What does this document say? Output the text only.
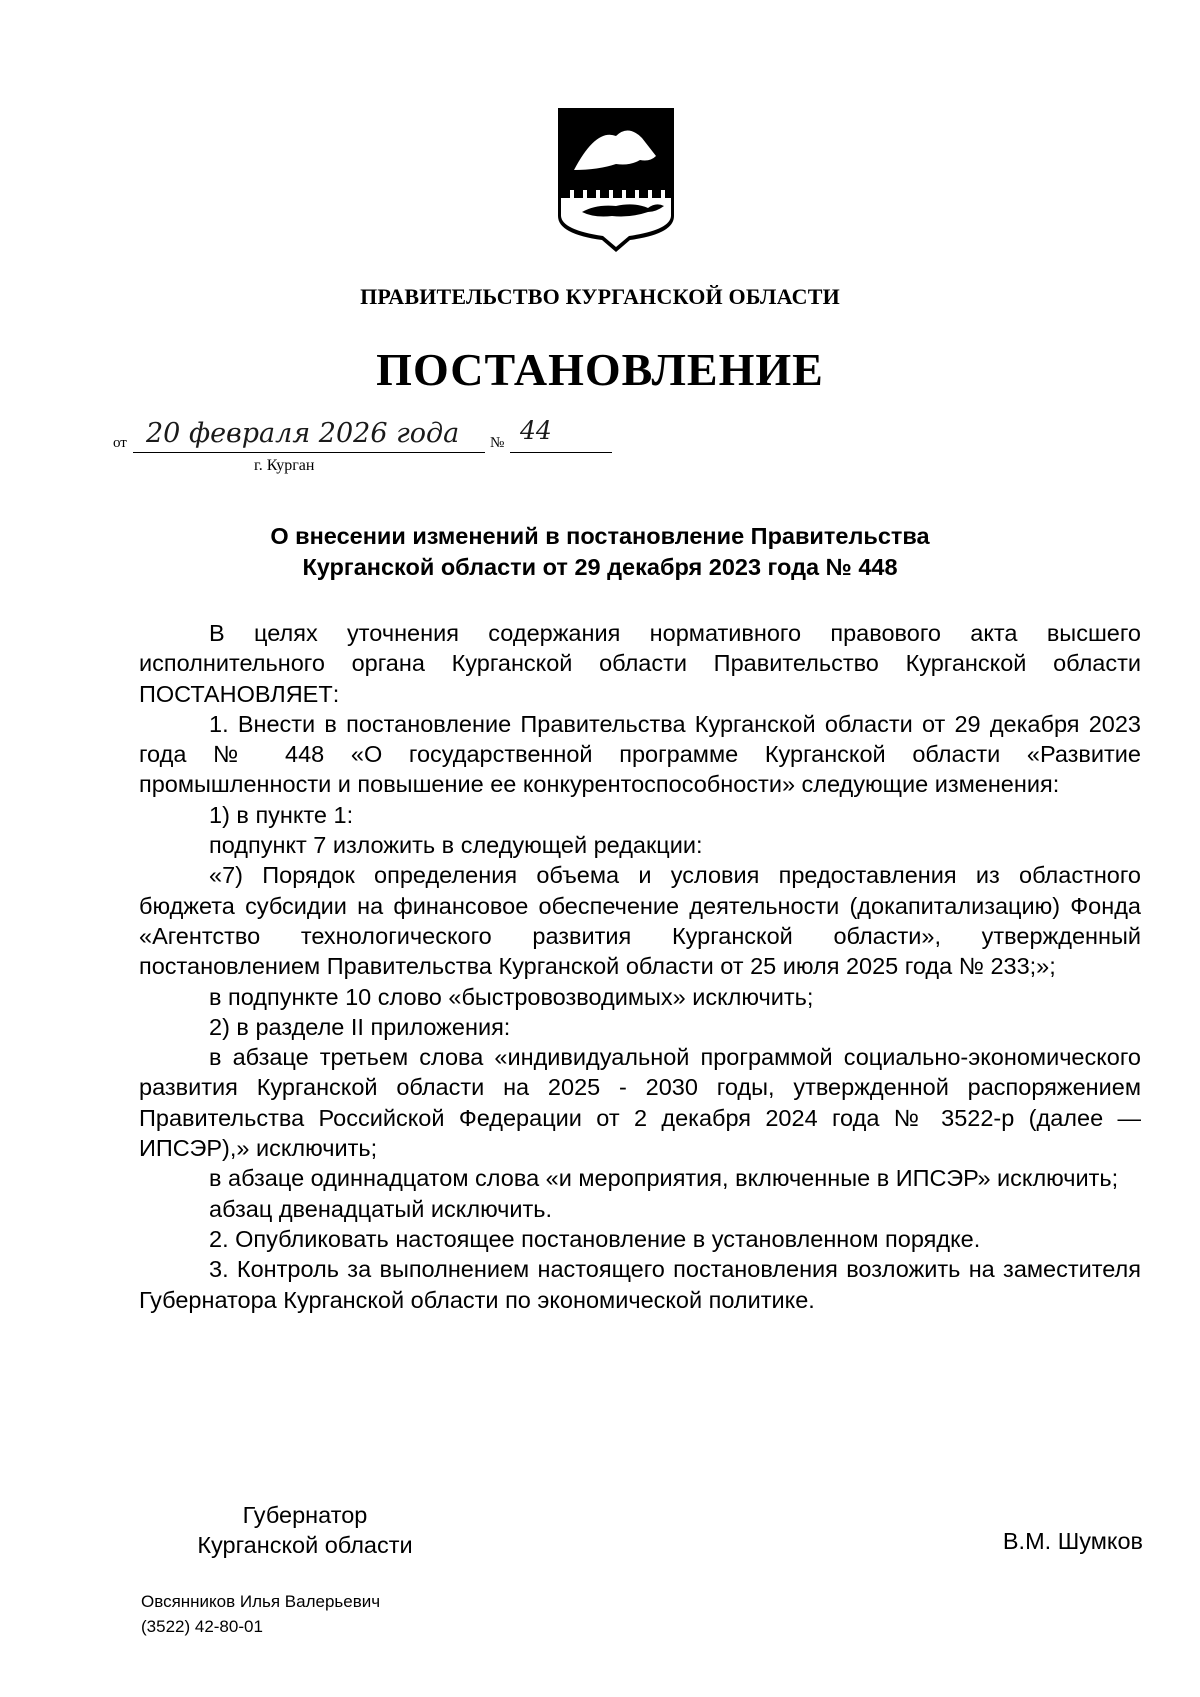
ПРАВИТЕЛЬСТВО КУРГАНСКОЙ ОБЛАСТИ
ПОСТАНОВЛЕНИЕ
от 20 февраля 2026 года № 44
г. Курган
О внесении изменений в постановление Правительства
Курганской области от 29 декабря 2023 года № 448

В целях уточнения содержания нормативного правового акта высшего исполнительного органа Курганской области Правительство Курганской области ПОСТАНОВЛЯЕТ:

1. Внести в постановление Правительства Курганской области от 29 декабря 2023 года № 448 «О государственной программе Курганской области «Развитие промышленности и повышение ее конкурентоспособности» следующие изменения:

1) в пункте 1:

подпункт 7 изложить в следующей редакции:

«7) Порядок определения объема и условия предоставления из областного бюджета субсидии на финансовое обеспечение деятельности (докапитализацию) Фонда «Агентство технологического развития Курганской области», утвержденный постановлением Правительства Курганской области от 25 июля 2025 года № 233;»;

в подпункте 10 слово «быстровозводимых» исключить;

2) в разделе II приложения:

в абзаце третьем слова «индивидуальной программой социально-экономического развития Курганской области на 2025 - 2030 годы, утвержденной распоряжением Правительства Российской Федерации от 2 декабря 2024 года № 3522-р (далее — ИПСЭР),» исключить;

в абзаце одиннадцатом слова «и мероприятия, включенные в ИПСЭР» исключить;

абзац двенадцатый исключить.

2. Опубликовать настоящее постановление в установленном порядке.

3. Контроль за выполнением настоящего постановления возложить на заместителя Губернатора Курганской области по экономической политике.

Губернатор
Курганской области	В.М. Шумков
Овсянников Илья Валерьевич
(3522) 42-80-01
